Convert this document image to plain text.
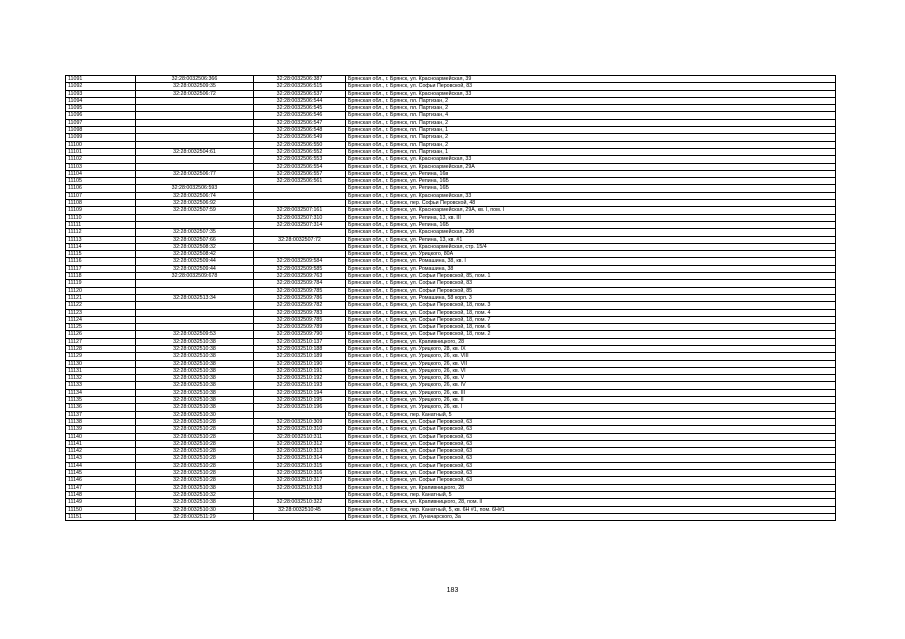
11091	32:28:0032506:366	32:28:0032506:387	Брянская обл., г. Брянск, ул. Красноармейская, 39
11092	32:28:0032509:35	32:28:0032506:515	Брянская обл., г. Брянск, ул. Софьи Перовской, 83
11093	32:28:0032506:72	32:28:0032506:537	Брянская обл., г. Брянск, ул. Красноармейская, 33
11094		32:28:0032506:544	Брянская обл., г. Брянск, пл. Партизан, 2
11095		32:28:0032506:545	Брянская обл., г. Брянск, пл. Партизан, 2
11096		32:28:0032506:546	Брянская обл., г. Брянск, пл. Партизан, 4
11097		32:28:0032506:547	Брянская обл., г. Брянск, пл. Партизан, 2
11098		32:28:0032506:548	Брянская обл., г. Брянск, пл. Партизан, 1
11099		32:28:0032506:549	Брянская обл., г. Брянск, пл. Партизан, 2
11100		32:28:0032506:550	Брянская обл., г. Брянск, пл. Партизан, 2
11101	32:28:0032504:61	32:28:0032506:552	Брянская обл., г. Брянск, пл. Партизан, 1
11102		32:28:0032506:553	Брянская обл., г. Брянск, ул. Красноармейская, 33
11103		32:28:0032506:554	Брянская обл., г. Брянск, ул. Красноармейская, 29А
11104	32:28:0032506:77	32:28:0032506:557	Брянская обл., г. Брянск, ул. Репина, 16в
11105		32:28:0032506:561	Брянская обл., г. Брянск, ул. Репина, 16Б
11106	32:28:0032506:593		Брянская обл., г. Брянск, ул. Репина, 16Б
11107	32:28:0032506:74		Брянская обл., г. Брянск, ул. Красноармейская, 33
11108	32:28:0032506:92		Брянская обл., г. Брянск, пер. Софьи Перовской, 48
11109	32:28:0032507:59	32:28:0032507:161	Брянская обл., г. Брянск, ул. Красноармейская, 29А, кв. I, пом. I
11110		32:28:0032507:310	Брянская обл., г. Брянск, ул. Репина, 13, кв. III
11111		32:28:0032507:314	Брянская обл., г. Брянск, ул. Репина, 16Б
11112	32:28:0032507:35		Брянская обл., г. Брянск, ул. Красноармейская, 29б
11113	32:28:0032507:66	32:28:0032507:72	Брянская обл., г. Брянск, ул. Репина, 13, кв. #1
11114	32:28:0032508:32		Брянская обл., г. Брянск, ул. Красноармейская, стр. 15/4
11115	32:28:0032508:42		Брянская обл., г. Брянск, ул. Урицкого, 80А
11116	32:28:0032509:44	32:28:0032509:584	Брянская обл., г. Брянск, ул. Ромашина, 38, кв. I
11117	32:28:0032509:44	32:28:0032509:585	Брянская обл., г. Брянск, ул. Ромашина, 38
11118	32:28:0032509:678	32:28:0032509:763	Брянская обл., г. Брянск, ул. Софьи Перовской, 85, пом. 1
11119		32:28:0032509:784	Брянская обл., г. Брянск, ул. Софьи Перовской, 83
11120		32:28:0032509:785	Брянская обл., г. Брянск, ул. Софьи Перовской, 85
11121	32:28:0032513:34	32:28:0032509:786	Брянская обл., г. Брянск, ул. Ромашина, 58 корп. 3
11122		32:28:0032509:782	Брянская обл., г. Брянск, ул. Софьи Перовской, 18, пом. 3
11123		32:28:0032509:783	Брянская обл., г. Брянск, ул. Софьи Перовской, 18, пом. 4
11124		32:28:0032509:785	Брянская обл., г. Брянск, ул. Софьи Перовской, 18, пом. 7
11125		32:28:0032509:789	Брянская обл., г. Брянск, ул. Софьи Перовской, 18, пом. 6
11126	32:28:0032509:53	32:28:0032509:790	Брянская обл., г. Брянск, ул. Софьи Перовской, 18, пом. 2
11127	32:28:0032510:38	32:28:0032510:137	Брянская обл., г. Брянск, ул. Крапивницкого, 28
11128	32:28:0032510:38	32:28:0032510:188	Брянская обл., г. Брянск, ул. Урицкого, 28, кв. IX
11129	32:28:0032510:38	32:28:0032510:189	Брянская обл., г. Брянск, ул. Урицкого, 26, кв. VIII
11130	32:28:0032510:38	32:28:0032510:190	Брянская обл., г. Брянск, ул. Урицкого, 26, кв. VII
11131	32:28:0032510:38	32:28:0032510:191	Брянская обл., г. Брянск, ул. Урицкого, 26, кв. VI
11132	32:28:0032510:38	32:28:0032510:192	Брянская обл., г. Брянск, ул. Урицкого, 26, кв. V
11133	32:28:0032510:38	32:28:0032510:193	Брянская обл., г. Брянск, ул. Урицкого, 26, кв. IV
11134	32:28:0032510:38	32:28:0032510:194	Брянская обл., г. Брянск, ул. Урицкого, 26, кв. III
11135	32:28:0032510:38	32:28:0032510:195	Брянская обл., г. Брянск, ул. Урицкого, 26, кв. II
11136	32:28:0032510:38	32:28:0032510:196	Брянская обл., г. Брянск, ул. Урицкого, 26, кв. I
11137	32:28:0032510:30		Брянская обл., г. Брянск, пер. Канатный, 5
11138	32:28:0032510:28	32:28:0032510:309	Брянская обл., г. Брянск, ул. Софьи Перовской, 63
11139	32:28:0032510:28	32:28:0032510:310	Брянская обл., г. Брянск, ул. Софьи Перовской, 63
11140	32:28:0032510:28	32:28:0032510:311	Брянская обл., г. Брянск, ул. Софьи Перовской, 63
11141	32:28:0032510:28	32:28:0032510:312	Брянская обл., г. Брянск, ул. Софьи Перовской, 63
11142	32:28:0032510:28	32:28:0032510:313	Брянская обл., г. Брянск, ул. Софьи Перовской, 63
11143	32:28:0032510:28	32:28:0032510:314	Брянская обл., г. Брянск, ул. Софьи Перовской, 63
11144	32:28:0032510:28	32:28:0032510:315	Брянская обл., г. Брянск, ул. Софьи Перовской, 63
11145	32:28:0032510:28	32:28:0032510:316	Брянская обл., г. Брянск, ул. Софьи Перовской, 63
11146	32:28:0032510:28	32:28:0032510:317	Брянская обл., г. Брянск, ул. Софьи Перовской, 63
11147	32:28:0032510:38	32:28:0032510:318	Брянская обл., г. Брянск, ул. Крапивницкого, 28
11148	32:28:0032510:32		Брянская обл., г. Брянск, пер. Канатный, 5
11149	32:28:0032510:38	32:28:0032510:322	Брянская обл., г. Брянск, ул. Крапивницкого, 28, пом. II
11150	32:28:0032510:30	32:28:0032510:45	Брянская обл., г. Брянск, пер. Канатный, 5, кв. 6Н #1, пом. 6Н#1
11151	32:28:0032511:29		Брянская обл., г. Брянск, ул. Луначарского, 3а
183
